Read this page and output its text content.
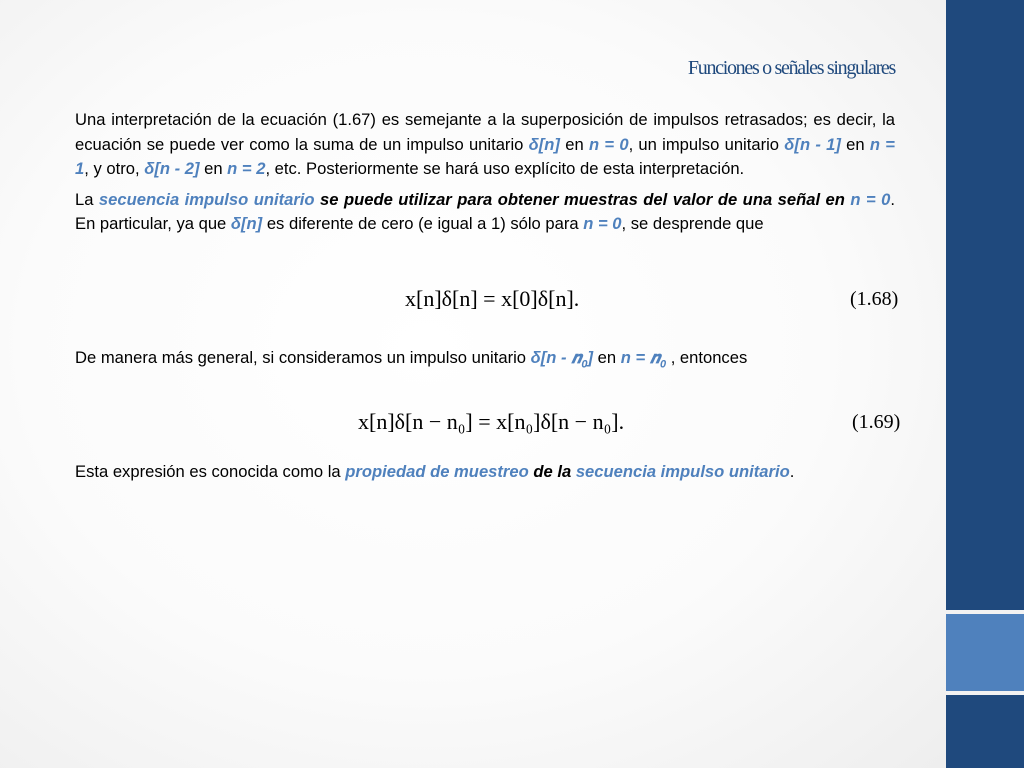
Funciones o señales singulares

Una interpretación de la ecuación (1.67) es semejante a la superposición de impulsos retrasados; es decir, la ecuación se puede ver como la suma de un impulso unitario δ[n] en n = 0, un impulso unitario δ[n - 1] en n = 1, y otro, δ[n - 2] en n = 2, etc. Posteriormente se hará uso explícito de esta interpretación.

La secuencia impulso unitario se puede utilizar para obtener muestras del valor de una señal en n = 0. En particular, ya que δ[n] es diferente de cero (e igual a 1) sólo para n = 0, se desprende que

x[n]δ[n] = x[0]δ[n].	(1.68)
De manera más general, si consideramos un impulso unitario δ[n - 𝒏$_0$] en n = 𝒏$_0$ , entonces
x[n]δ[n − n₀] = x[n₀]δ[n − n₀].	(1.69)
Esta expresión es conocida como la propiedad de muestreo de la secuencia impulso unitario.
